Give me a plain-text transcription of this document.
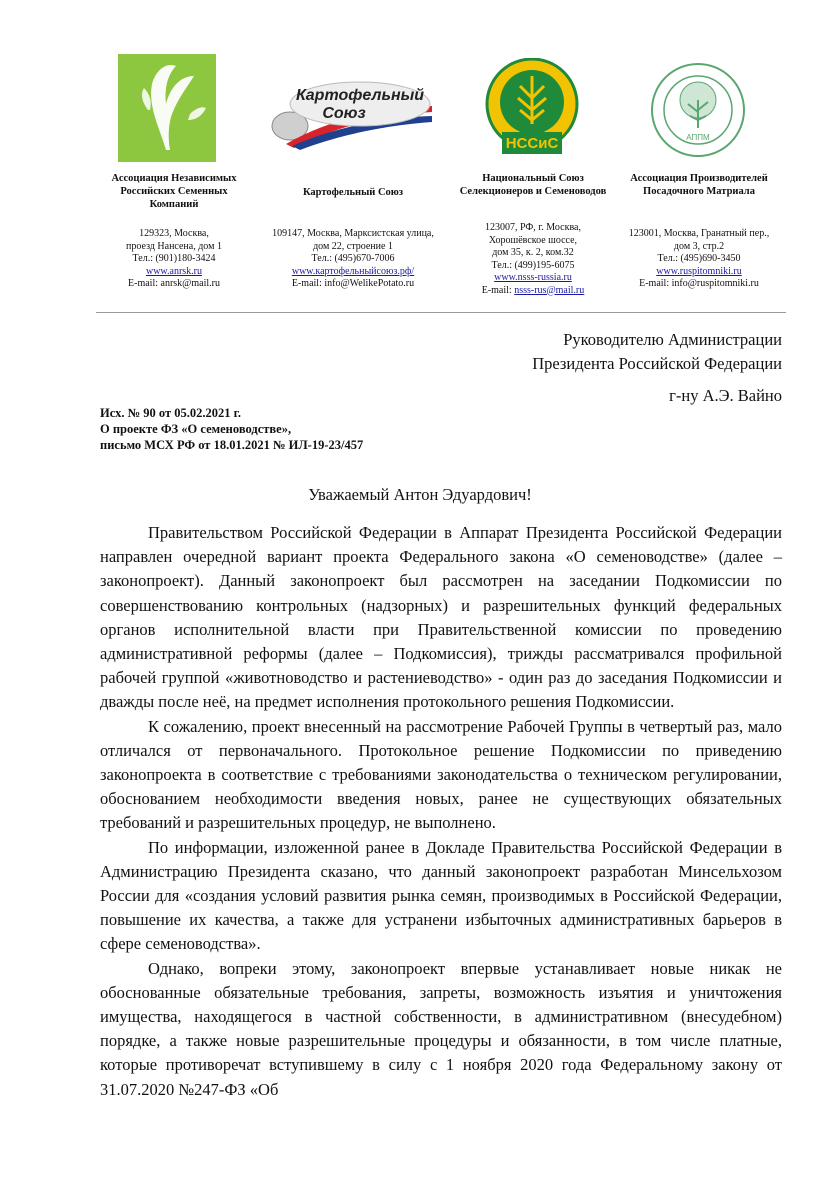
Ассоциация Независимых Российских Семенных Компаний
129323, Москва,
проезд Нансена, дом 1
Тел.: (901)180-3424
www.anrsk.ru
E-mail: anrsk@mail.ru
Картофельный
Союз
Картофельный Союз
109147, Москва, Марксистская улица,
дом 22, строение 1
Тел.: (495)670-7006
www.картофельныйсоюз.рф/
E-mail: info@WelikePotato.ru
НССиС
Национальный Союз Селекционеров и Семеноводов
123007, РФ, г. Москва,
Хорошёвское шоссе,
дом 35, к. 2, ком.32
Тел.: (499)195-6075
www.nsss-russia.ru
E-mail: nsss-rus@mail.ru
АППМ
Ассоциация Производителей Посадочного Матриала
123001, Москва, Гранатный пер.,
дом 3, стр.2
Тел.: (495)690-3450
www.ruspitomniki.ru
E-mail: info@ruspitomniki.ru
Руководителю Администрации
Президента Российской Федерации
г-ну А.Э. Вайно
Исх. № 90 от 05.02.2021 г.
О проекте ФЗ «О семеноводстве»,
письмо МСХ РФ от 18.01.2021 № ИЛ-19-23/457
Уважаемый Антон Эдуардович!

Правительством Российской Федерации в Аппарат Президента Российской Федерации направлен очередной вариант проекта Федерального закона «О семеноводстве» (далее – законопроект). Данный законопроект был рассмотрен на заседании Подкомиссии по совершенствованию контрольных (надзорных) и разрешительных функций федеральных органов исполнительной власти при Правительственной комиссии по проведению административной реформы (далее – Подкомиссия), трижды рассматривался профильной рабочей группой «животноводство и растениеводство» - один раз до заседания Подкомиссии и дважды после неё, на предмет исполнения протокольного решения Подкомиссии.

К сожалению, проект внесенный на рассмотрение Рабочей Группы в четвертый раз, мало отличался от первоначального. Протокольное решение Подкомиссии по приведению законопроекта в соответствие с требованиями законодательства о техническом регулировании, обоснованием необходимости введения новых, ранее не существующих обязательных требований и разрешительных процедур, не выполнено.

По информации, изложенной ранее в Докладе Правительства Российской Федерации в Администрацию Президента сказано, что данный законопроект разработан Минсельхозом России для «создания условий развития рынка семян, производимых в Российской Федерации, повышение их качества, а также для устранени избыточных административных барьеров в сфере семеноводства».

Однако, вопреки этому, законопроект впервые устанавливает новые никак не обоснованные обязательные требования, запреты, возможность изъятия и уничтожения имущества, находящегося в частной собственности, в административном (внесудебном) порядке, а также новые разрешительные процедуры и обязанности, в том числе платные, которые противоречат вступившему в силу с 1 ноября 2020 года Федеральному закону от 31.07.2020 №247-ФЗ «Об
